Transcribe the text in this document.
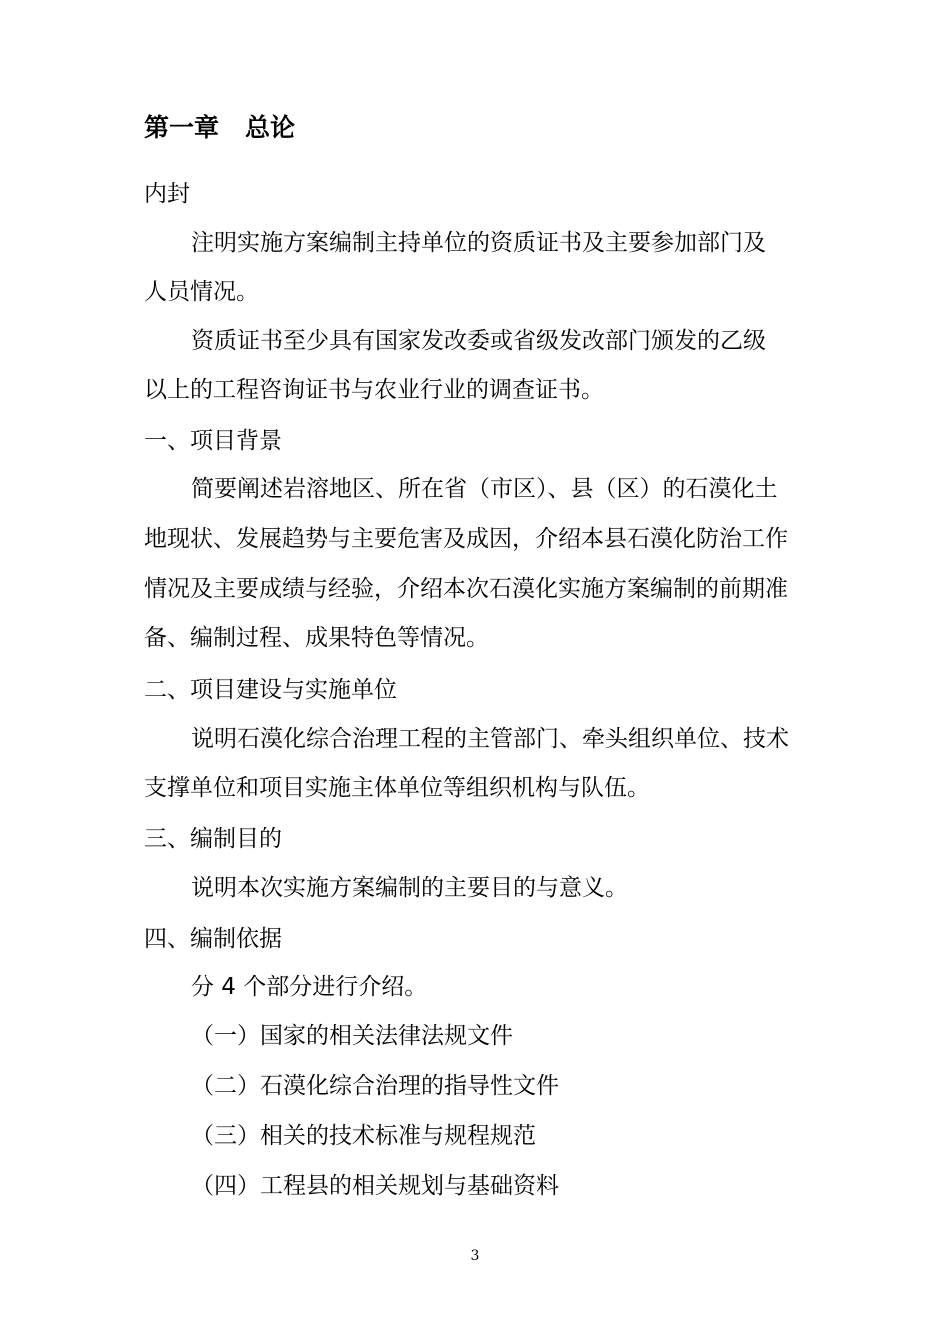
第一章 总论
内封
注明实施方案编制主持单位的资质证书及主要参加部门及
人员情况。
资质证书至少具有国家发改委或省级发改部门颁发的乙级
以上的工程咨询证书与农业行业的调查证书。
一、项目背景
简要阐述岩溶地区、所在省（市区）、县（区）的石漠化土
地现状、发展趋势与主要危害及成因，介绍本县石漠化防治工作
情况及主要成绩与经验，介绍本次石漠化实施方案编制的前期准
备、编制过程、成果特色等情况。
二、项目建设与实施单位
说明石漠化综合治理工程的主管部门、牵头组织单位、技术
支撑单位和项目实施主体单位等组织机构与队伍。
三、编制目的
说明本次实施方案编制的主要目的与意义。
四、编制依据
分 4 个部分进行介绍。
（一）国家的相关法律法规文件
（二）石漠化综合治理的指导性文件
（三）相关的技术标准与规程规范
（四）工程县的相关规划与基础资料
3
